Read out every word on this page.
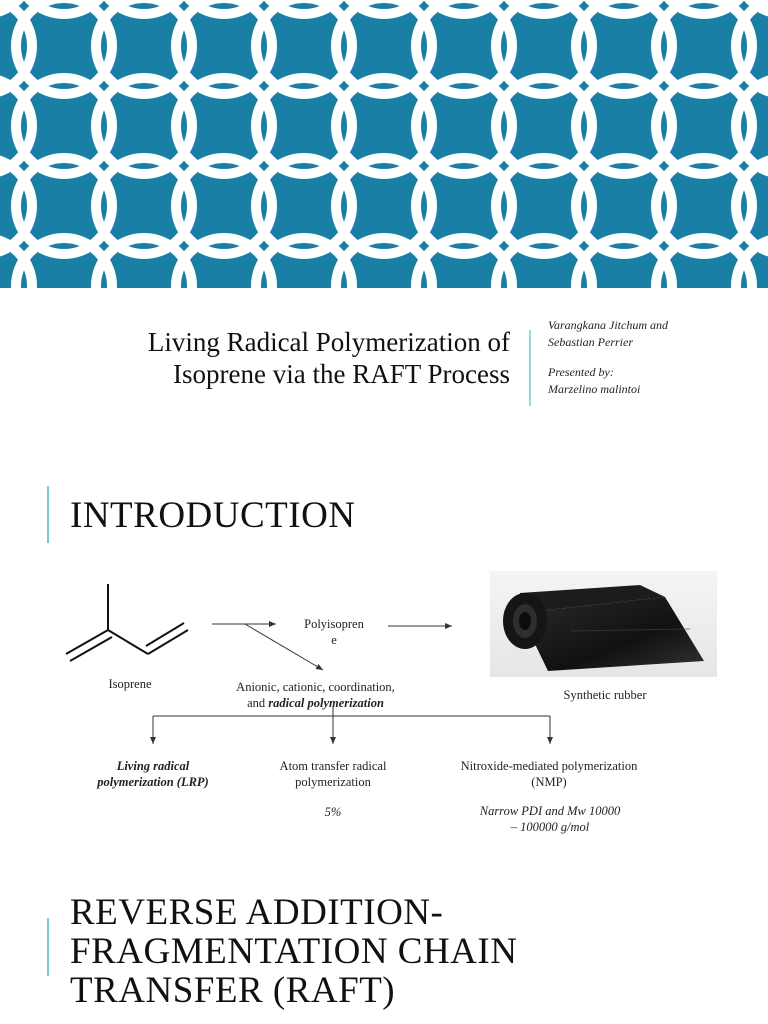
Living Radical Polymerization of
Isoprene via the RAFT Process
Varangkana Jitchum and
Sebastian Perrier
Presented by:
Marzelino malintoi
INTRODUCTION
Isoprene
Polyisopren
e
Anionic, cationic, coordination,
and radical polymerization
Synthetic rubber
Living radical
polymerization (LRP)
Atom transfer radical
polymerization
5%
Nitroxide-mediated polymerization
(NMP)
Narrow PDI and Mw 10000
– 100000 g/mol
REVERSE ADDITION-
FRAGMENTATION CHAIN
TRANSFER (RAFT)
